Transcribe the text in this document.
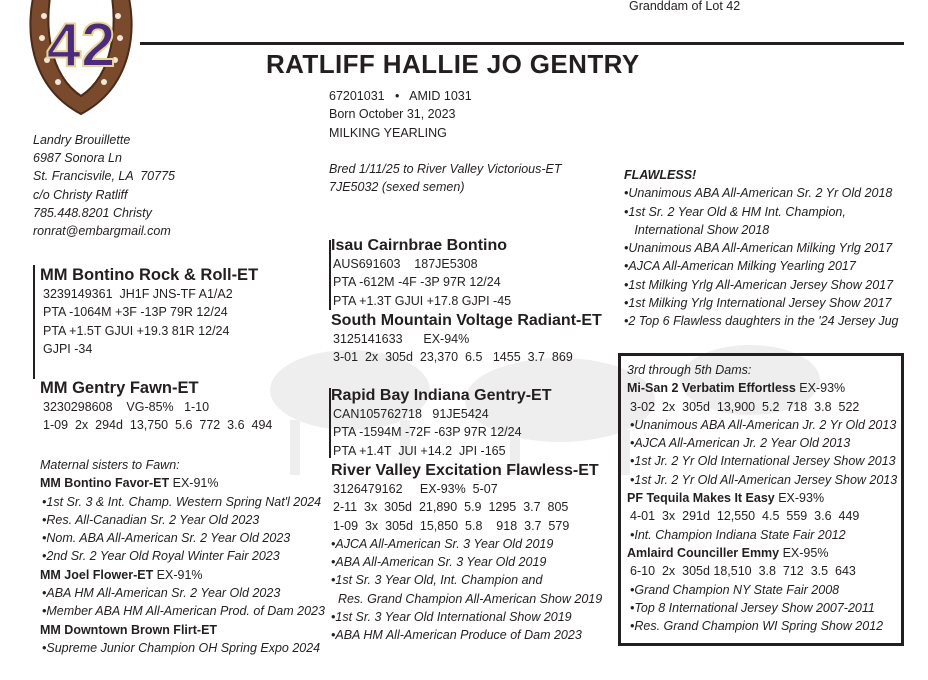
42
Granddam of Lot 42
RATLIFF HALLIE JO GENTRY
67201031   •   AMID 1031
Born October 31, 2023
MILKING YEARLING
Bred 1/11/25 to River Valley Victorious-ET
7JE5032 (sexed semen)
Landry Brouillette
6987 Sonora Ln
St. Francisvile, LA  70775
c/o Christy Ratliff
785.448.8201 Christy
ronrat@embargmail.com
FLAWLESS!
•Unanimous ABA All-American Sr. 2 Yr Old 2018
•1st Sr. 2 Year Old & HM Int. Champion,
International Show 2018
•Unanimous ABA All-American Milking Yrlg 2017
•AJCA All-American Milking Yearling 2017
•1st Milking Yrlg All-American Jersey Show 2017
•1st Milking Yrlg International Jersey Show 2017
•2 Top 6 Flawless daughters in the '24 Jersey Jug
MM Bontino Rock & Roll-ET
3239149361  JH1F JNS-TF A1/A2
PTA -1064M +3F -13P 79R 12/24
PTA +1.5T GJUI +19.3 81R 12/24
GJPI -34
MM Gentry Fawn-ET
3230298608    VG-85%   1-10
1-09  2x  294d  13,750  5.6  772  3.6  494
Maternal sisters to Fawn:
MM Bontino Favor-ET EX-91%
•1st Sr. 3 & Int. Champ. Western Spring Nat'l 2024
•Res. All-Canadian Sr. 2 Year Old 2023
•Nom. ABA All-American Sr. 2 Year Old 2023
•2nd Sr. 2 Year Old Royal Winter Fair 2023
MM Joel Flower-ET EX-91%
•ABA HM All-American Sr. 2 Year Old 2023
•Member ABA HM All-American Prod. of Dam 2023
MM Downtown Brown Flirt-ET
•Supreme Junior Champion OH Spring Expo 2024
Isau Cairnbrae Bontino
AUS691603    187JE5308
PTA -612M -4F -3P 97R 12/24
PTA +1.3T GJUI +17.8 GJPI -45
South Mountain Voltage Radiant-ET
3125141633      EX-94%
3-01  2x  305d  23,370  6.5   1455  3.7  869
Rapid Bay Indiana Gentry-ET
CAN105762718   91JE5424
PTA -1594M -72F -63P 97R 12/24
PTA +1.4T  JUI +14.2  JPI -165
River Valley Excitation Flawless-ET
3126479162     EX-93%  5-07
2-11  3x  305d  21,890  5.9  1295  3.7  805
1-09  3x  305d  15,850  5.8    918  3.7  579
•AJCA All-American Sr. 3 Year Old 2019
•ABA All-American Sr. 3 Year Old 2019
•1st Sr. 3 Year Old, Int. Champion and
Res. Grand Champion All-American Show 2019
•1st Sr. 3 Year Old International Show 2019
•ABA HM All-American Produce of Dam 2023
3rd through 5th Dams:
Mi-San 2 Verbatim Effortless EX-93%
3-02  2x  305d  13,900  5.2  718  3.8  522
•Unanimous ABA All-American Jr. 2 Yr Old 2013
•AJCA All-American Jr. 2 Year Old 2013
•1st Jr. 2 Yr Old International Jersey Show 2013
•1st Jr. 2 Yr Old All-American Jersey Show 2013
PF Tequila Makes It Easy EX-93%
4-01  3x  291d  12,550  4.5  559  3.6  449
•Int. Champion Indiana State Fair 2012
Amlaird Counciller Emmy EX-95%
6-10  2x  305d 18,510  3.8  712  3.5  643
•Grand Champion NY State Fair 2008
•Top 8 International Jersey Show 2007-2011
•Res. Grand Champion WI Spring Show 2012
